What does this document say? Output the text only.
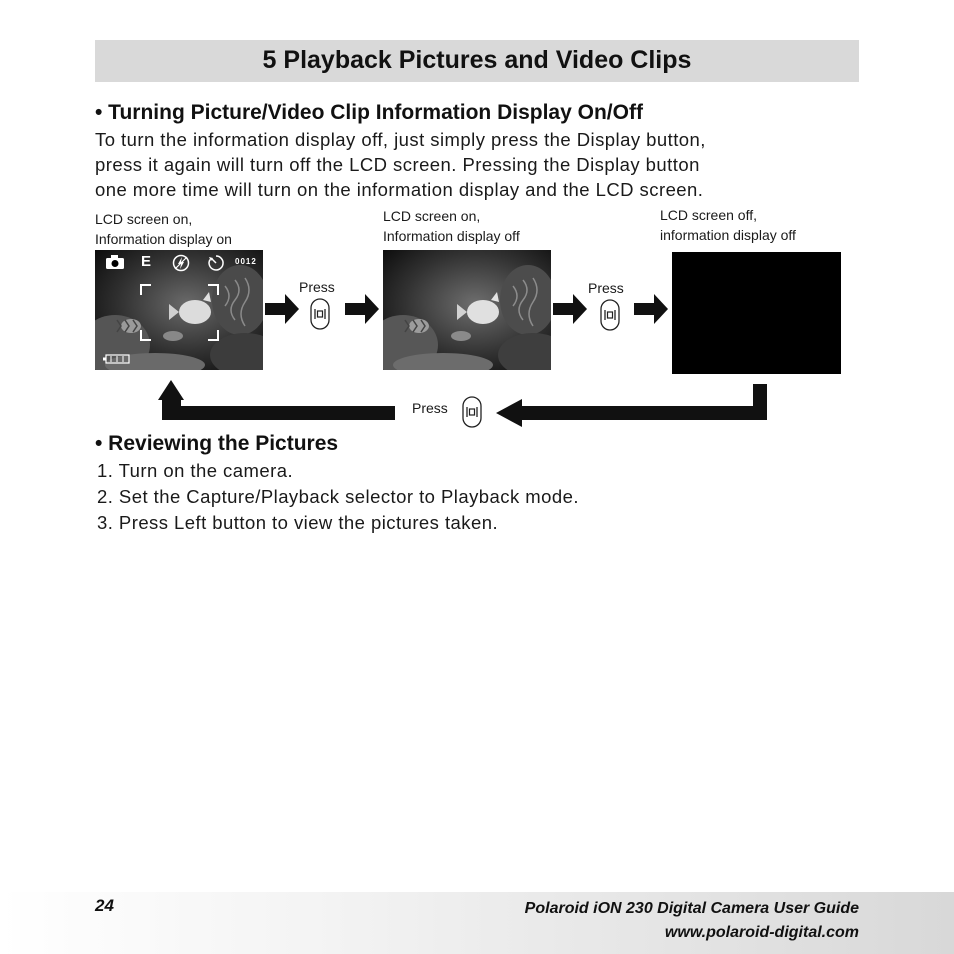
5 Playback Pictures and Video Clips
• Turning Picture/Video Clip Information Display On/Off
To turn the information display off, just simply press the Display button,
press it again will turn off the LCD screen. Pressing the Display button
one more time will turn on the information display and the LCD screen.
LCD screen on,
Information display on
LCD screen on,
Information display off
LCD screen off,
information display off
E	0012
Press	Press
Press
• Reviewing the Pictures
1. Turn on the camera.
2. Set the Capture/Playback selector to Playback mode.
3. Press Left button to view the pictures taken.
24	Polaroid iON 230 Digital Camera User Guide
www.polaroid-digital.com
